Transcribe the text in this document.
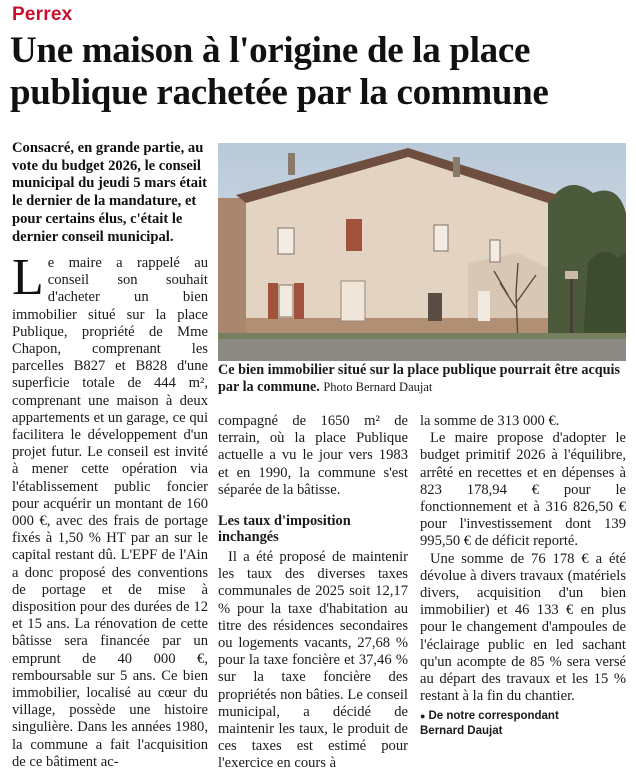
Perrex
Une maison à l'origine de la place publique rachetée par la commune

Consacré, en grande partie, au vote du budget 2026, le conseil municipal du jeudi 5 mars était le dernier de la mandature, et pour certains élus, c'était le dernier conseil municipal.

Ce bien immobilier situé sur la place publique pourrait être acquis par la commune. Photo Bernard Daujat

Le maire a rappelé au conseil son souhait d'acheter un bien immobilier situé sur la place Publique, propriété de Mme Chapon, comprenant les parcelles B827 et B828 d'une superficie totale de 444 m², comprenant une maison à deux appartements et un garage, ce qui facilitera le développement d'un projet futur. Le conseil est invité à mener cette opération via l'établissement public foncier pour acquérir un montant de 160 000 €, avec des frais de portage fixés à 1,50 % HT par an sur le capital restant dû. L'EPF de l'Ain a donc proposé des conventions de portage et de mise à disposition pour des durées de 12 et 15 ans. La rénovation de cette bâtisse sera financée par un emprunt de 40 000 €, remboursable sur 5 ans. Ce bien immobilier, localisé au cœur du village, possède une histoire singulière. Dans les années 1980, la commune a fait l'acquisition de ce bâtiment ac-

compagné de 1650 m² de terrain, où la place Publique actuelle a vu le jour vers 1983 et en 1990, la commune s'est séparée de la bâtisse.

Les taux d'imposition inchangés

Il a été proposé de maintenir les taux des diverses taxes communales de 2025 soit 12,17 % pour la taxe d'habitation au titre des résidences secondaires ou logements vacants, 27,68 % pour la taxe foncière et 37,46 % sur la taxe foncière des propriétés non bâties. Le conseil municipal, a décidé de maintenir les taux, le produit de ces taxes est estimé pour l'exercice en cours à

la somme de 313 000 €.

Le maire propose d'adopter le budget primitif 2026 à l'équilibre, arrêté en recettes et en dépenses à 823 178,94 € pour le fonctionnement et à 316 826,50 € pour l'investissement dont 139 995,50 € de déficit reporté.

Une somme de 76 178 € a été dévolue à divers travaux (matériels divers, acquisition d'un bien immobilier) et 46 133 € en plus pour le changement d'ampoules de l'éclairage public en led sachant qu'un acompte de 85 % sera versé au départ des travaux et les 15 % restant à la fin du chantier.

● De notre correspondant
Bernard Daujat
